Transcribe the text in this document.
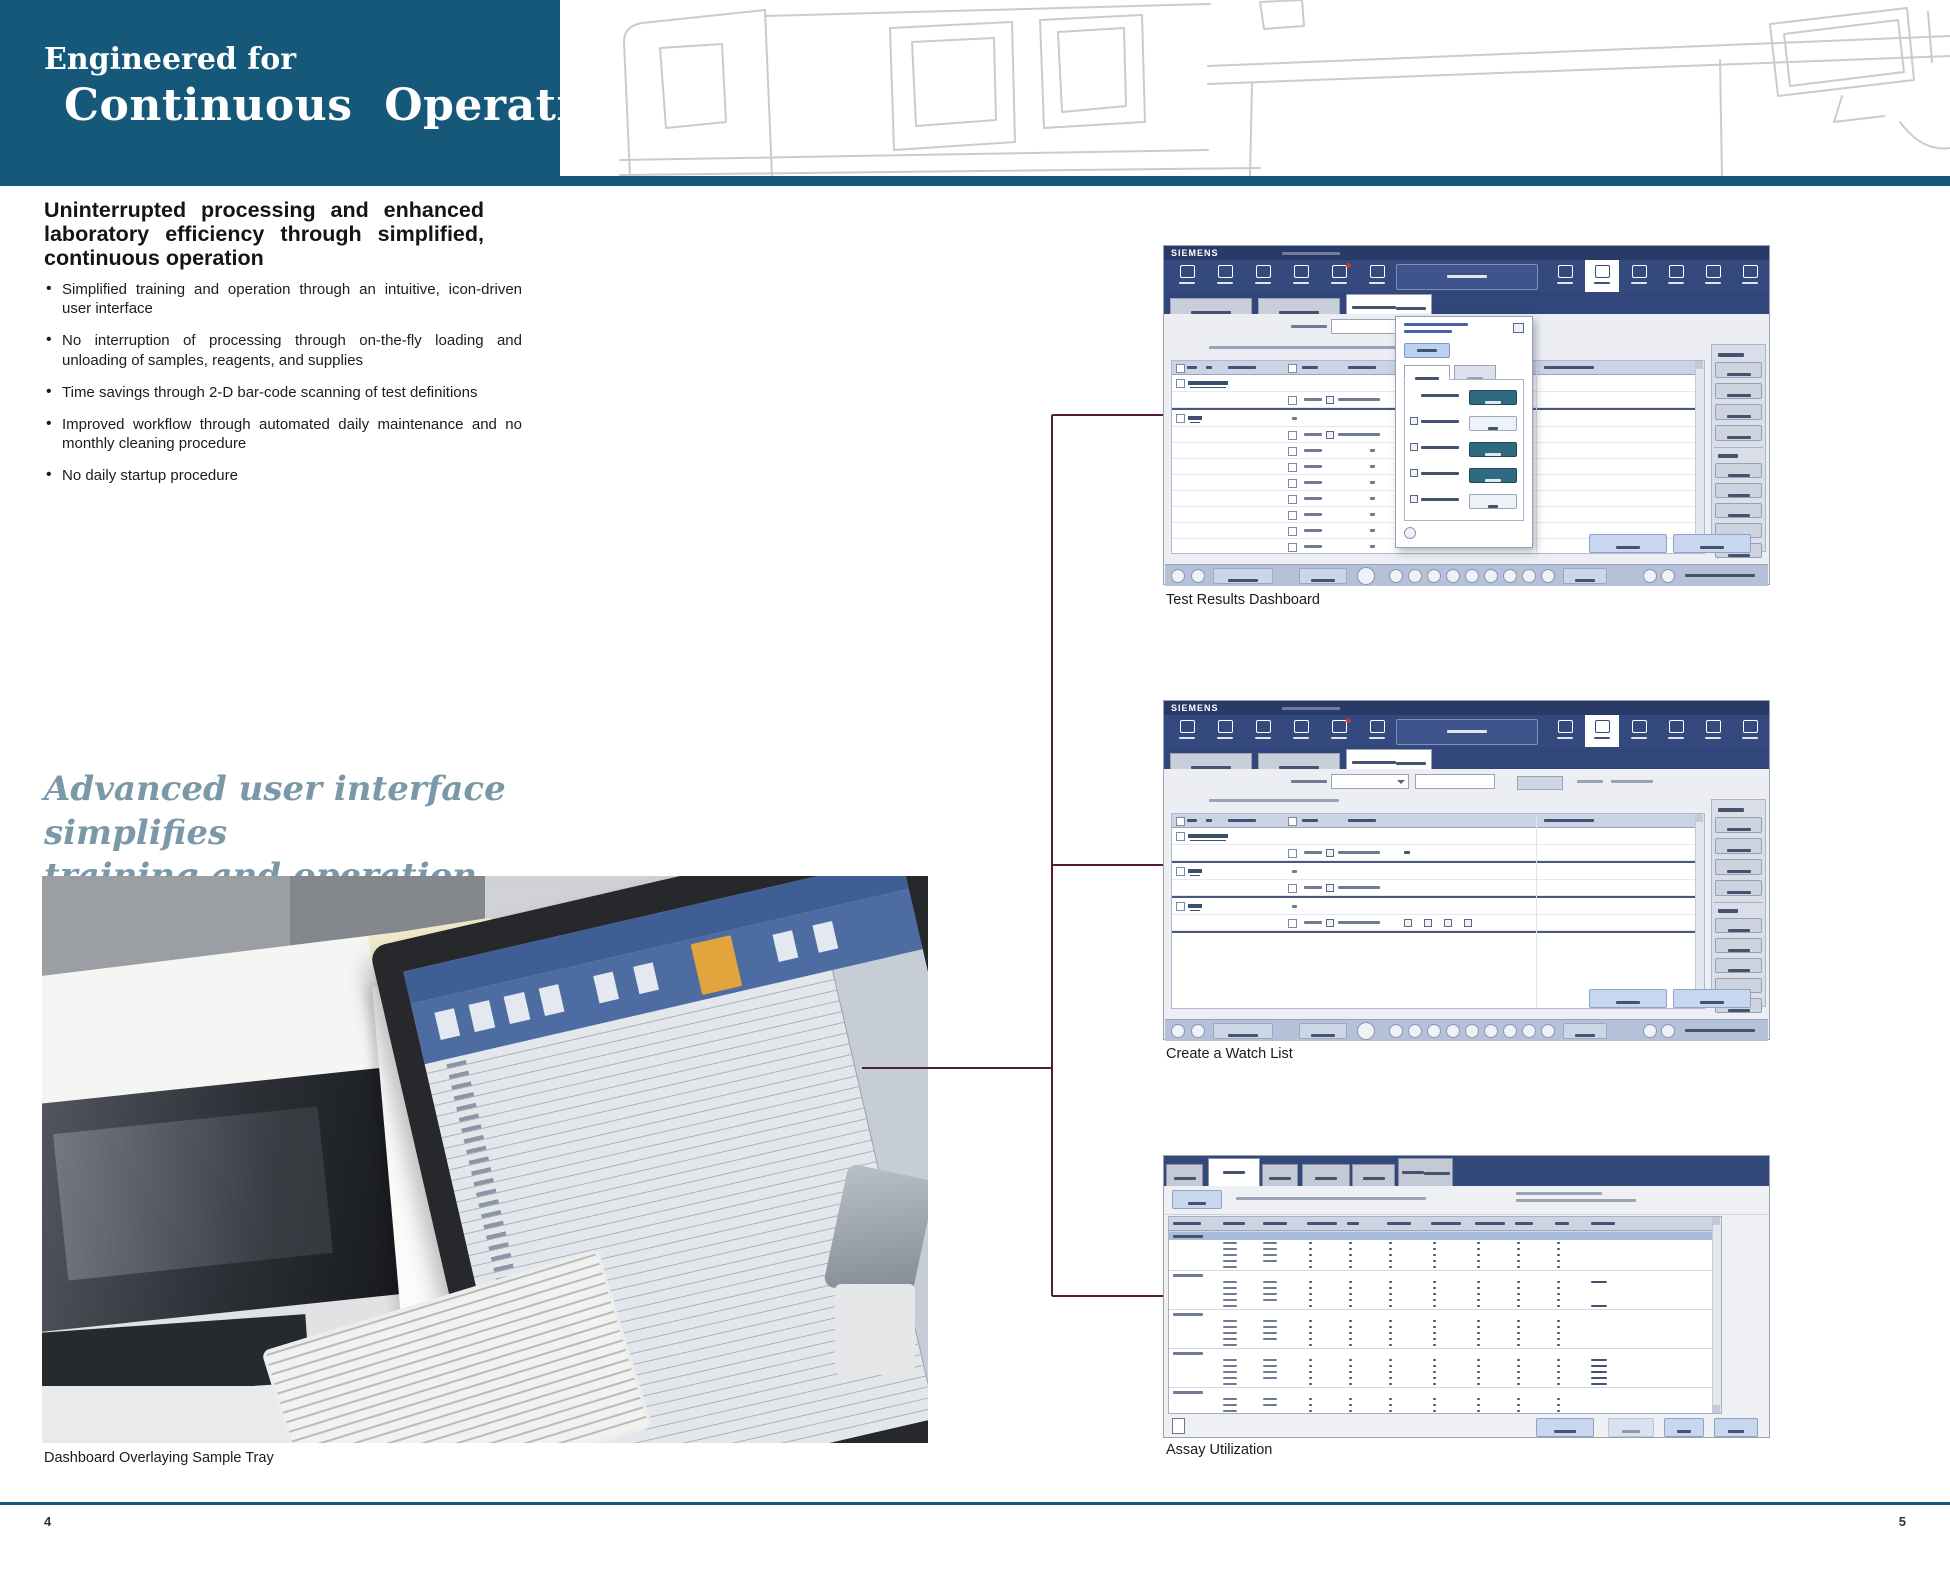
Engineered for
Continuous Operation
Uninterrupted processing and enhanced laboratory efficiency through simplified, continuous operation
• Simplified training and operation through an intuitive, icon-driven user interface
• No interruption of processing through on-the-fly loading and unloading of samples, reagents, and supplies
• Time savings through 2-D bar-code scanning of test definitions
• Improved workflow through automated daily maintenance and no monthly cleaning procedure
• No daily startup procedure
Advanced user interface simplifies
Dashboard Overlaying Sample Tray
SIEMENS
Test Results Dashboard
SIEMENS
Create a Watch List
Assay Utilization
4	5
